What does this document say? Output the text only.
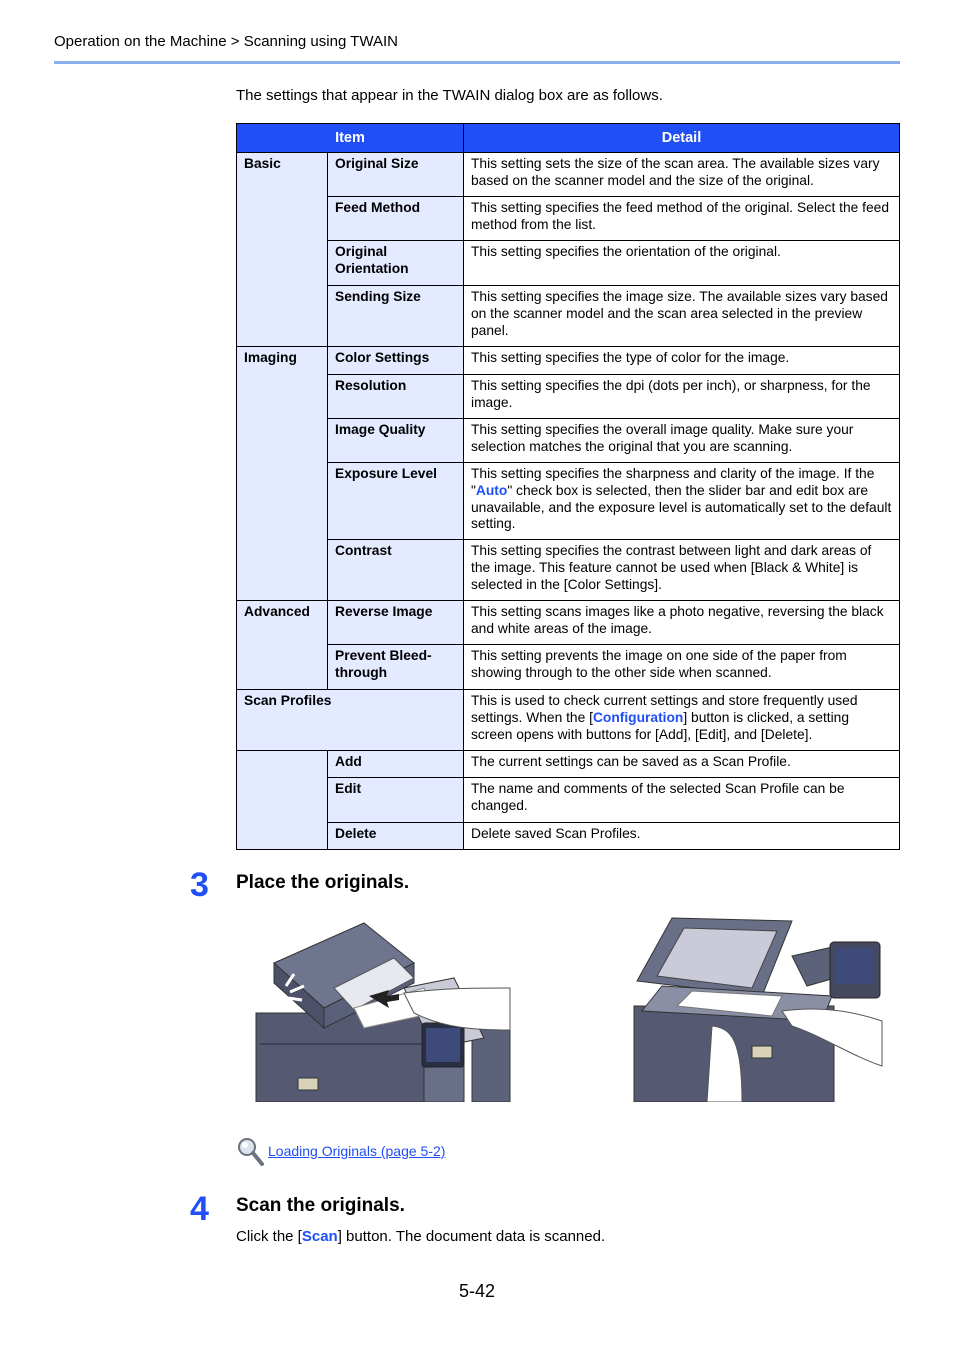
Operation on the Machine > Scanning using TWAIN
The settings that appear in the TWAIN dialog box are as follows.
Item		Detail
Basic	Original Size	This setting sets the size of the scan area. The available sizes vary based on the scanner model and the size of the original.
	Feed Method	This setting specifies the feed method of the original. Select the feed method from the list.
	Original Orientation	This setting specifies the orientation of the original.
	Sending Size	This setting specifies the image size. The available sizes vary based on the scanner model and the scan area selected in the preview panel.
Imaging	Color Settings	This setting specifies the type of color for the image.
	Resolution	This setting specifies the dpi (dots per inch), or sharpness, for the image.
	Image Quality	This setting specifies the overall image quality. Make sure your selection matches the original that you are scanning.
	Exposure Level	This setting specifies the sharpness and clarity of the image. If the "Auto" check box is selected, then the slider bar and edit box are unavailable, and the exposure level is automatically set to the default setting.
	Contrast	This setting specifies the contrast between light and dark areas of the image. This feature cannot be used when [Black & White] is selected in the [Color Settings].
Advanced	Reverse Image	This setting scans images like a photo negative, reversing the black and white areas of the image.
	Prevent Bleed-through	This setting prevents the image on one side of the paper from showing through to the other side when scanned.
Scan Profiles		This is used to check current settings and store frequently used settings. When the [Configuration] button is clicked, a setting screen opens with buttons for [Add], [Edit], and [Delete].
	Add	The current settings can be saved as a Scan Profile.
	Edit	The name and comments of the selected Scan Profile can be changed.
	Delete	Delete saved Scan Profiles.
3 Place the originals.
Loading Originals (page 5-2)
4 Scan the originals.
Click the [Scan] button. The document data is scanned.
5-42
